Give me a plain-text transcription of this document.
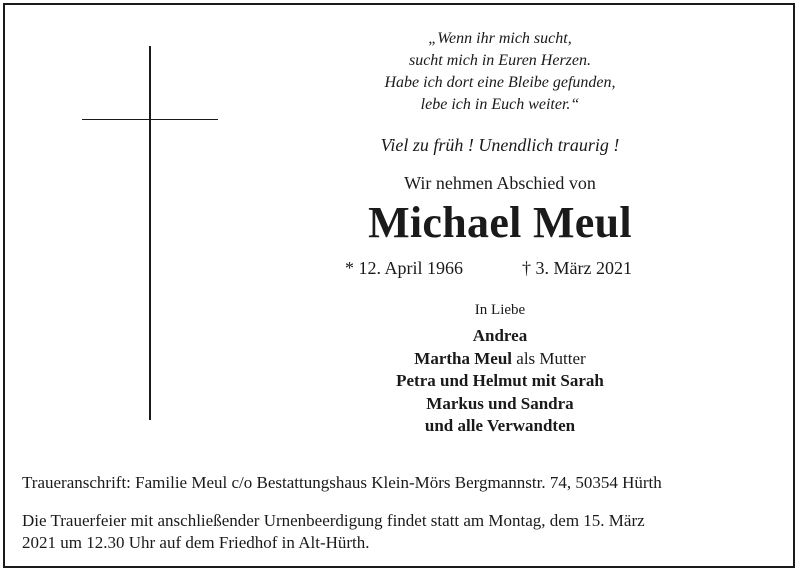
„Wenn ihr mich sucht,
sucht mich in Euren Herzen.
Habe ich dort eine Bleibe gefunden,
lebe ich in Euch weiter.“
Viel zu früh ! Unendlich traurig !
Wir nehmen Abschied von
Michael Meul
* 12. April 1966	† 3. März 2021
In Liebe
Andrea
Martha Meul als Mutter
Petra und Helmut mit Sarah
Markus und Sandra
und alle Verwandten
Traueranschrift: Familie Meul c/o Bestattungshaus Klein-Mörs Bergmannstr. 74, 50354 Hürth
Die Trauerfeier mit anschließender Urnenbeerdigung findet statt am Montag, dem 15. März
2021 um 12.30 Uhr auf dem Friedhof in Alt-Hürth.
